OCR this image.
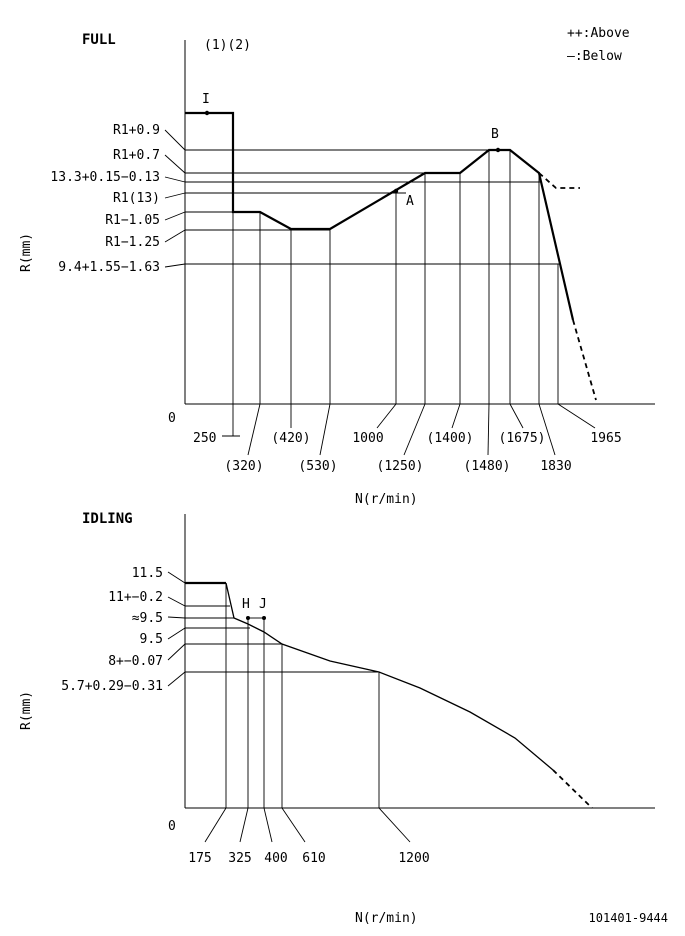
FULL	(1)(2)
++:Above
—:Below
0
R(mm)
N(r/min)
R1+0.9
R1+0.7
13.3+0.15−0.13
R1(13)
R1−1.05
R1−1.25
9.4+1.55−1.63
250
(320)
(420)
(530)
1000
(1250)
(1400)
(1480)
(1675)
1830
1965
I
A
B
IDLING
0
R(mm)
N(r/min)
11.5
11+−0.2
≈9.5
9.5
8+−0.07
5.7+0.29−0.31
175 325 400 610	1200
H J
101401-9444
